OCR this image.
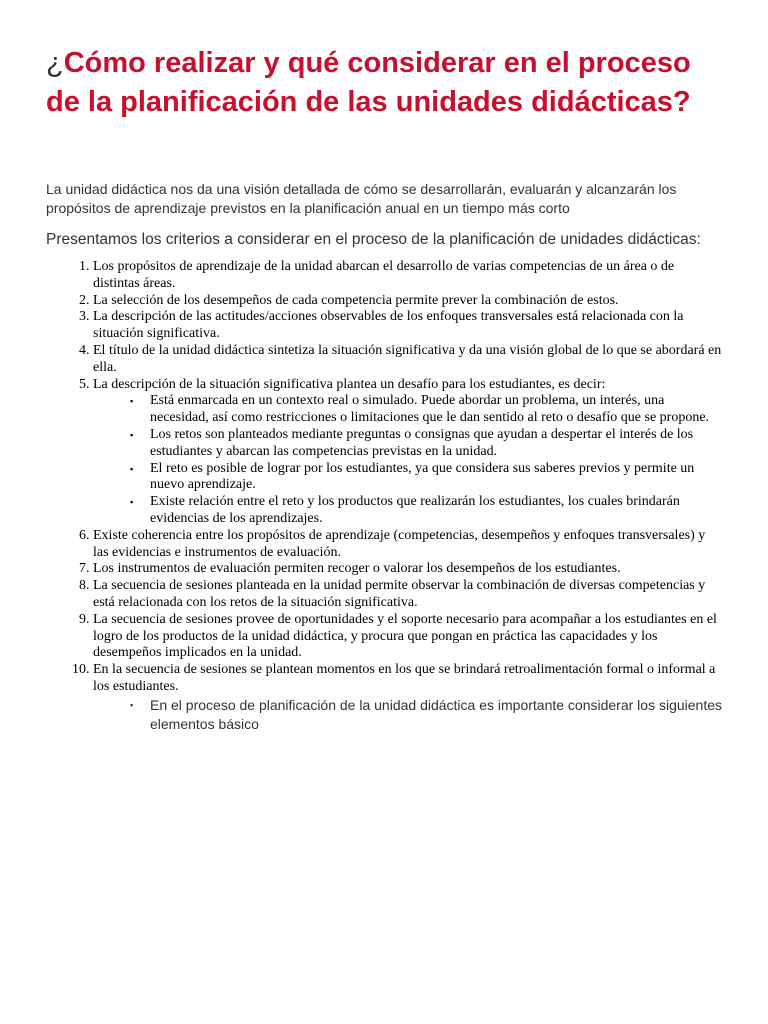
¿Cómo realizar y qué considerar en el proceso de la planificación de las unidades didácticas?

La unidad didáctica nos da una visión detallada de cómo se desarrollarán, evaluarán y alcanzarán los propósitos de aprendizaje previstos en la planificación anual en un tiempo más corto

Presentamos los criterios a considerar en el proceso de la planificación de unidades didácticas:

1. Los propósitos de aprendizaje de la unidad abarcan el desarrollo de varias competencias de un área o de distintas áreas.
2. La selección de los desempeños de cada competencia permite prever la combinación de estos.
3. La descripción de las actitudes/acciones observables de los enfoques transversales está relacionada con la situación significativa.
4. El título de la unidad didáctica sintetiza la situación significativa y da una visión global de lo que se abordará en ella.
5. La descripción de la situación significativa plantea un desafío para los estudiantes, es decir:
▪ Está enmarcada en un contexto real o simulado. Puede abordar un problema, un interés, una necesidad, así como restricciones o limitaciones que le dan sentido al reto o desafío que se propone.
▪ Los retos son planteados mediante preguntas o consignas que ayudan a despertar el interés de los estudiantes y abarcan las competencias previstas en la unidad.
▪ El reto es posible de lograr por los estudiantes, ya que considera sus saberes previos y permite un nuevo aprendizaje.
▪ Existe relación entre el reto y los productos que realizarán los estudiantes, los cuales brindarán evidencias de los aprendizajes.
6. Existe coherencia entre los propósitos de aprendizaje (competencias, desempeños y enfoques transversales) y las evidencias e instrumentos de evaluación.
7. Los instrumentos de evaluación permiten recoger o valorar los desempeños de los estudiantes.
8. La secuencia de sesiones planteada en la unidad permite observar la combinación de diversas competencias y está relacionada con los retos de la situación significativa.
9. La secuencia de sesiones provee de oportunidades y el soporte necesario para acompañar a los estudiantes en el logro de los productos de la unidad didáctica, y procura que pongan en práctica las capacidades y los desempeños implicados en la unidad.
10. En la secuencia de sesiones se plantean momentos en los que se brindará retroalimentación formal o informal a los estudiantes.
▪ En el proceso de planificación de la unidad didáctica es importante considerar los siguientes elementos básico
